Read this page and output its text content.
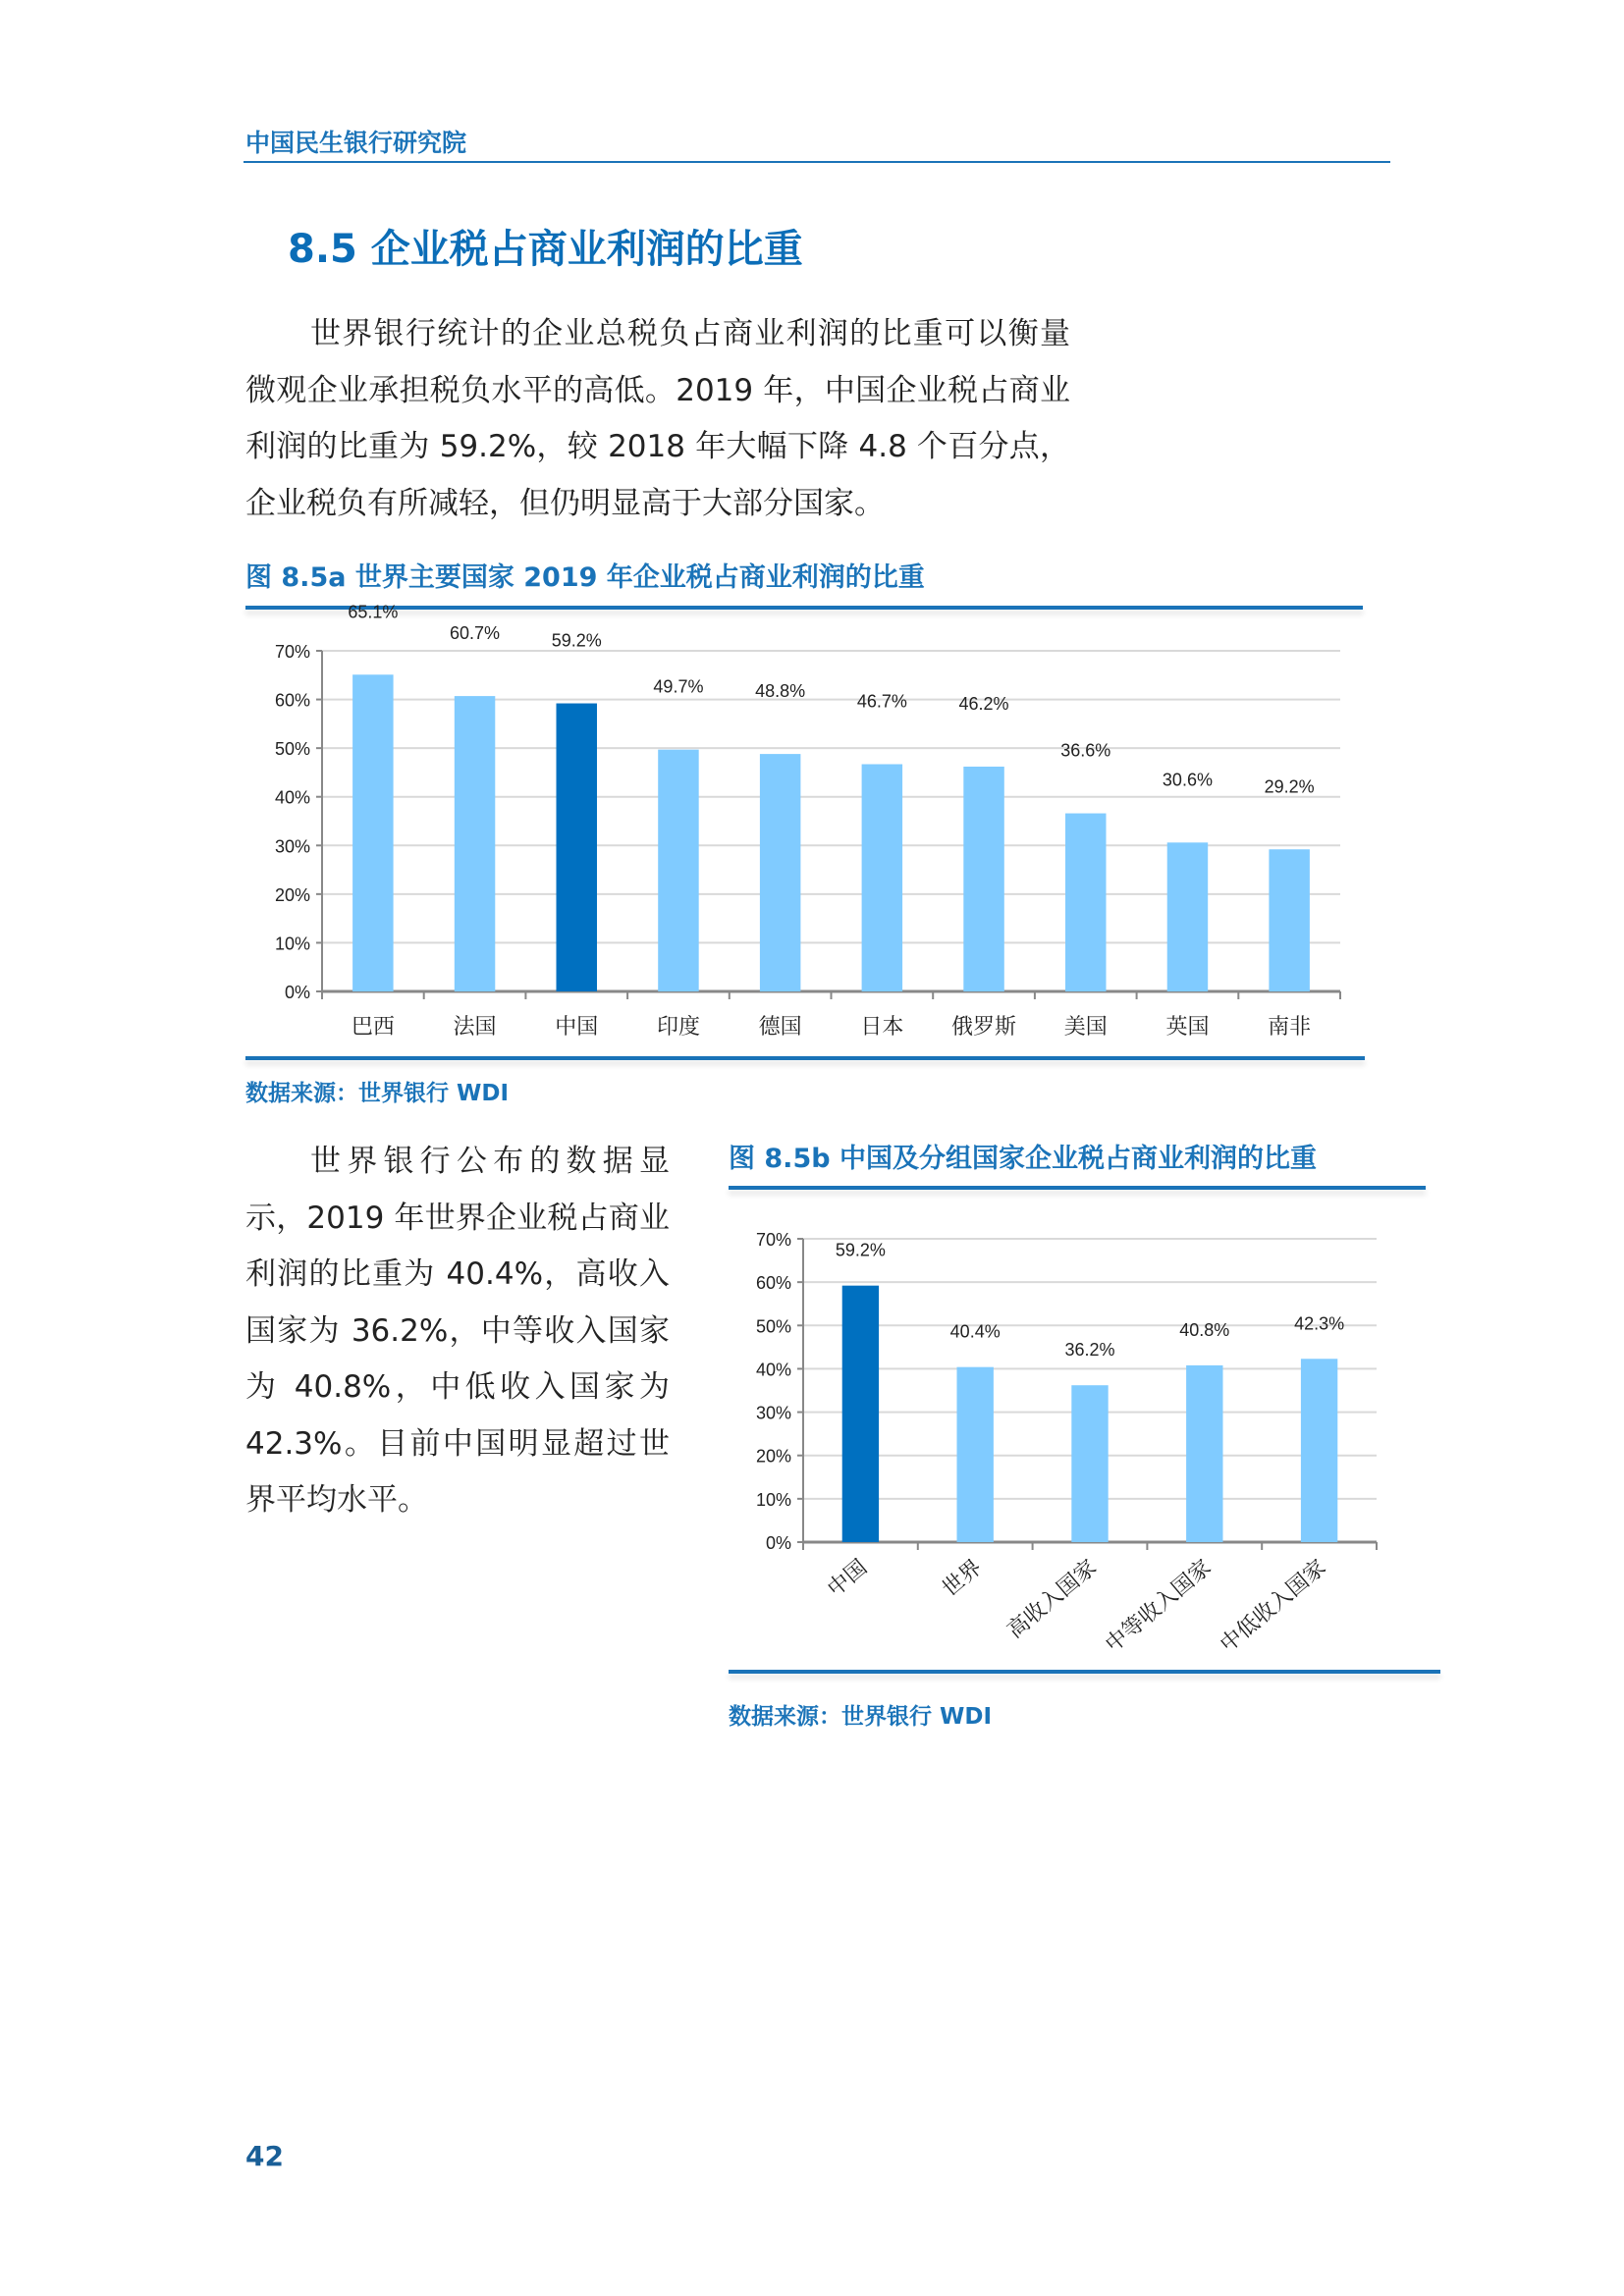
中国民生银行研究院
8.5 企业税占商业利润的比重
世界银行统计的企业总税负占商业利润的比重可以衡量微观企业承担税负水平的高低。2019 年，中国企业税占商业利润的比重为 59.2%，较 2018 年大幅下降 4.8 个百分点，企业税负有所减轻，但仍明显高于大部分国家。
图 8.5a 世界主要国家 2019 年企业税占商业利润的比重
0%
10%
20%
30%
40%
50%
60%
70%
65.1%
巴西
60.7%
法国
59.2%
中国
49.7%
印度
48.8%
德国
46.7%
日本
46.2%
俄罗斯
36.6%
美国
30.6%
英国
29.2%
南非
0%
10%
20%
30%
40%
50%
60%
70%
59.2%
中国
40.4%
世界
36.2%
高收入国家
40.8%
中等收入国家
42.3%
中低收入国家
数据来源：世界银行 WDI
世界银行公布的数据显示，2019 年世界企业税占商业利润的比重为 40.4%，高收入国家为 36.2%，中等收入国家为 40.8%，中低收入国家为 42.3%。目前中国明显超过世界平均水平。
图 8.5b 中国及分组国家企业税占商业利润的比重
数据来源：世界银行 WDI
42
